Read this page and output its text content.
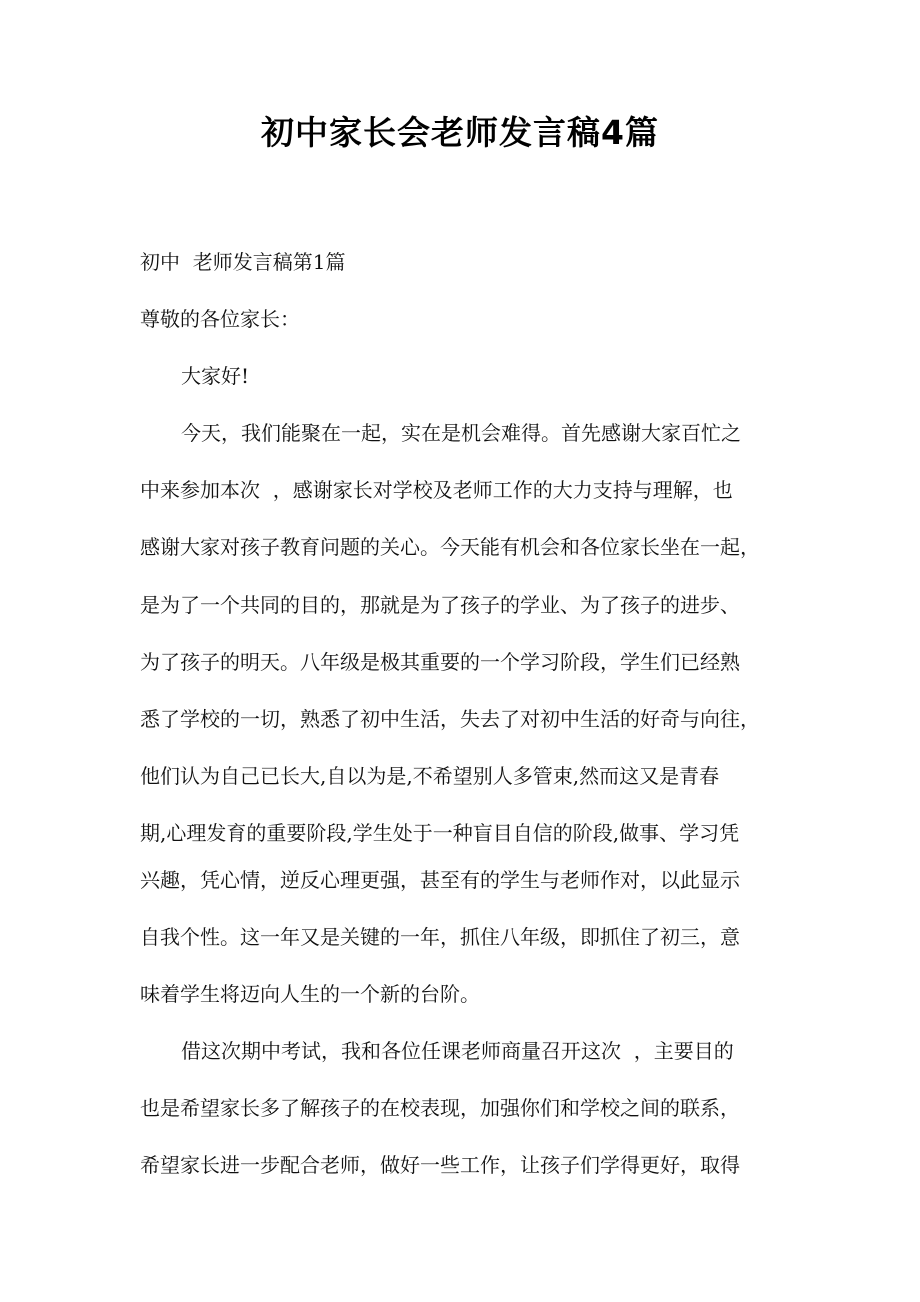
初中家长会老师发言稿4篇
初中  老师发言稿第1篇
尊敬的各位家长：
大家好!
今天，我们能聚在一起，实在是机会难得。首先感谢大家百忙之
中来参加本次  ，感谢家长对学校及老师工作的大力支持与理解，也
感谢大家对孩子教育问题的关心。今天能有机会和各位家长坐在一起，
是为了一个共同的目的，那就是为了孩子的学业、为了孩子的进步、
为了孩子的明天。八年级是极其重要的一个学习阶段，学生们已经熟
悉了学校的一切，熟悉了初中生活，失去了对初中生活的好奇与向往，
他们认为自己已长大,自以为是,不希望别人多管束,然而这又是青春
期,心理发育的重要阶段,学生处于一种盲目自信的阶段,做事、学习凭
兴趣，凭心情，逆反心理更强，甚至有的学生与老师作对，以此显示
自我个性。这一年又是关键的一年，抓住八年级，即抓住了初三，意
味着学生将迈向人生的一个新的台阶。
借这次期中考试，我和各位任课老师商量召开这次  ，主要目的
也是希望家长多了解孩子的在校表现，加强你们和学校之间的联系，
希望家长进一步配合老师，做好一些工作，让孩子们学得更好，取得
